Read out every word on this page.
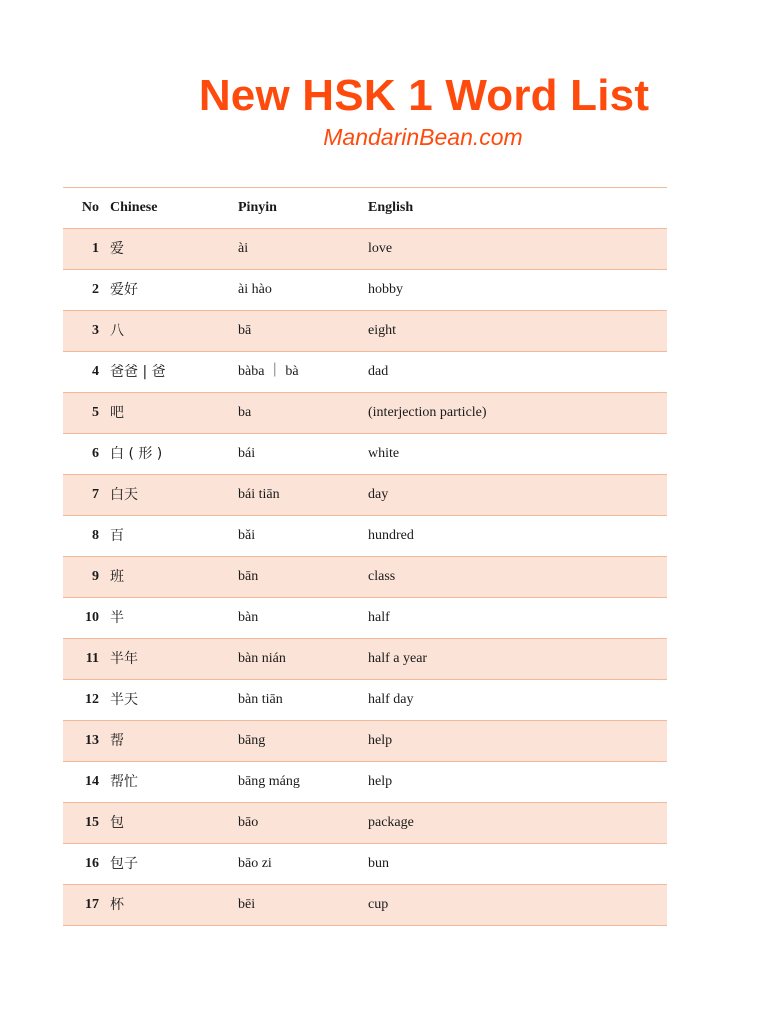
New HSK 1 Word List
MandarinBean.com
No Chinese	Pinyin	English
1 爱	ài	love
2 爱好	ài hào	hobby
3 八	bā	eight
4 爸爸 | 爸	bàba ｜ bà	dad
5 吧	ba	(interjection particle)
6 白 ( 形 )	bái	white
7 白天	bái tiān	day
8 百	bǎi	hundred
9 班	bān	class
10 半	bàn	half
11 半年	bàn nián	half a year
12 半天	bàn tiān	half day
13 帮	bāng	help
14 帮忙	bāng máng	help
15 包	bāo	package
16 包子	bāo zi	bun
17 杯	bēi	cup
